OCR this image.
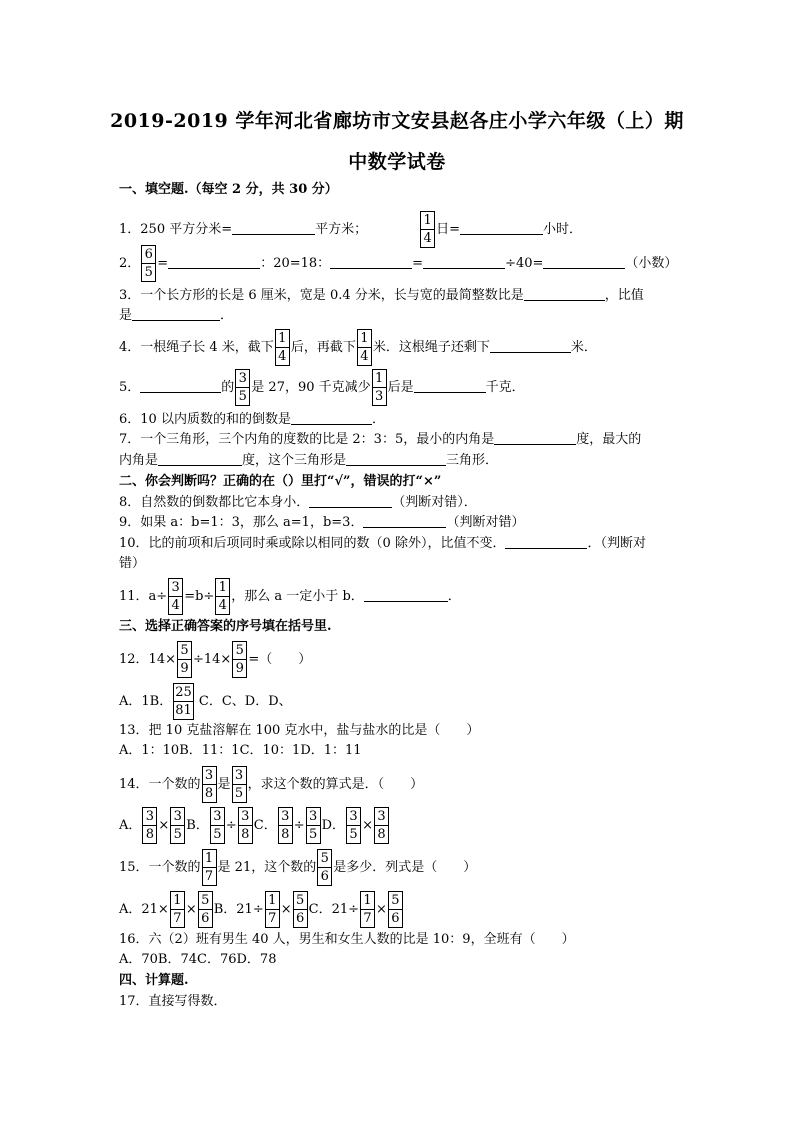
2019-2019 学年河北省廊坊市文安县赵各庄小学六年级（上）期
中数学试卷
一、填空题.（每空 2 分，共 30 分）
1．250 平方分米=	平方米；	$\frac{1}{4}$ 日=	小时．
2． $\frac{6}{5}$ =	：20=18：	=	÷40=	（小数）
3．一个长方形的长是 6 厘米，宽是 0.4 分米，长与宽的最简整数比是	，比值
是	．
4．一根绳子长 4 米，截下 $\frac{1}{4}$ 后，再截下 $\frac{1}{4}$ 米．这根绳子还剩下	米．
5．	的 $\frac{3}{5}$ 是 27，90 千克减少 $\frac{1}{3}$ 后是	千克．
6．10 以内质数的和的倒数是	．
7．一个三角形，三个内角的度数的比是 2：3：5，最小的内角是	度，最大的
内角是	度，这个三角形是	三角形．
二、你会判断吗？正确的在（）里打“√”，错误的打“×”
8．自然数的倒数都比它本身小．	（判断对错）．
9．如果 a：b=1：3，那么 a=1，b=3．	（判断对错）
10．比的前项和后项同时乘或除以相同的数（0 除外），比值不变．	．（判断对
错）
11．$a\div \frac{3}{4} =b\div \frac{1}{4}$ ，那么 a 一定小于 b．	．
三、选择正确答案的序号填在括号里.
12．$14\times \frac{5}{9} \div 14\times \frac{5}{9}$ =（　　）
A．1B． $\frac{25}{81}$ C．C、D．D、
13．把 10 克盐溶解在 100 克水中，盐与盐水的比是（　　）
A．1：10B．11：1C．10：1D．1：11
14．一个数的 $\frac{3}{8}$ 是 $\frac{3}{5}$ ，求这个数的算式是．（　　）
A． $\frac{3}{8} \times \frac{3}{5}$ B． $\frac{3}{5} \div \frac{3}{8}$ C． $\frac{3}{8} \div \frac{3}{5}$ D． $\frac{3}{5} \times \frac{3}{8}$
15．一个数的 $\frac{1}{7}$ 是 21，这个数的 $\frac{5}{6}$ 是多少．列式是（　　）
A．$21\times \frac{1}{7} \times \frac{5}{6}$ B．$21\div \frac{1}{7} \times \frac{5}{6}$ C．$21\div \frac{1}{7} \times \frac{5}{6}$
16．六（2）班有男生 40 人，男生和女生人数的比是 10：9，全班有（　　）
A．70B．74C．76D．78
四、计算题.
17．直接写得数．
